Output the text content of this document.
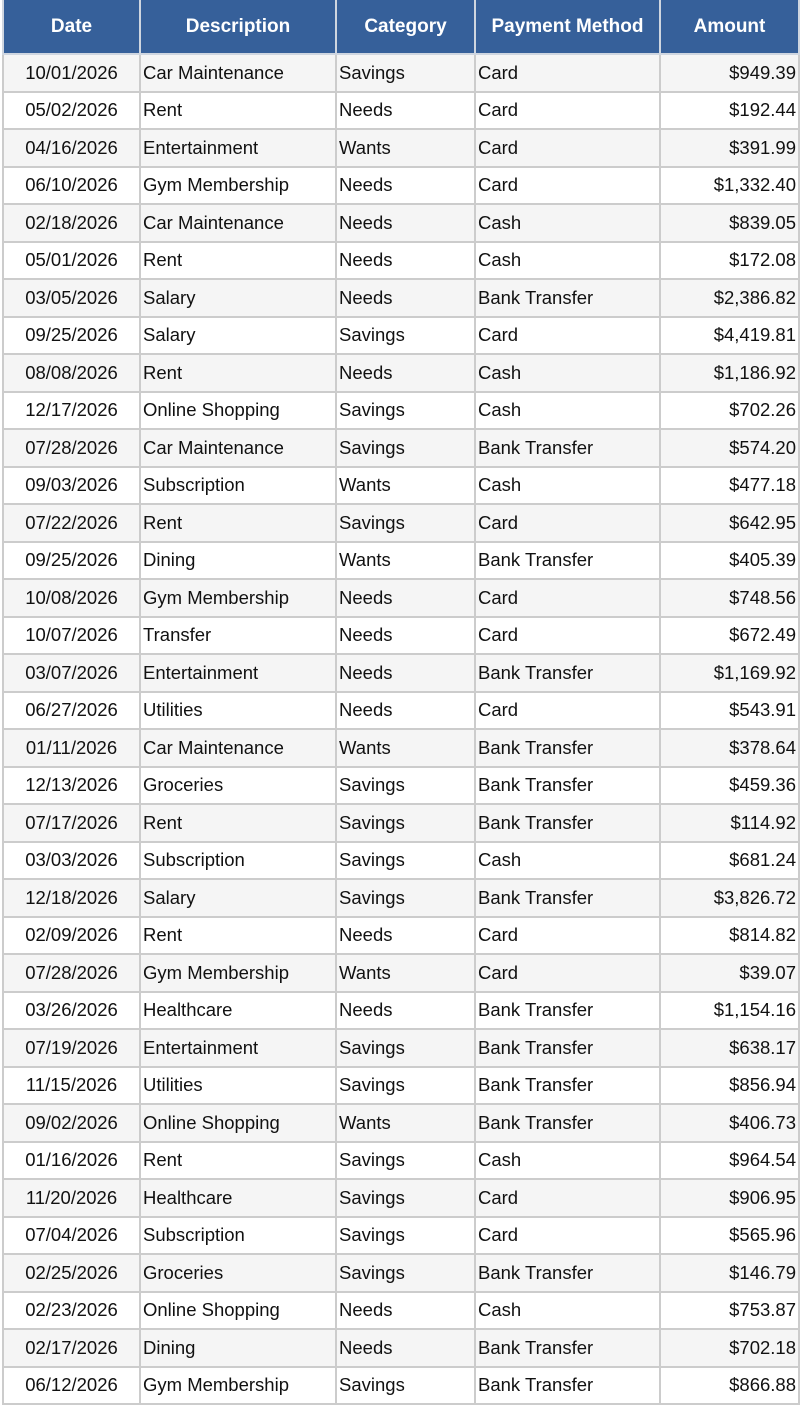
Date	Description	Category	Payment Method	Amount
10/01/2026	Car Maintenance	Savings	Card	$949.39
05/02/2026	Rent	Needs	Card	$192.44
04/16/2026	Entertainment	Wants	Card	$391.99
06/10/2026	Gym Membership	Needs	Card	$1,332.40
02/18/2026	Car Maintenance	Needs	Cash	$839.05
05/01/2026	Rent	Needs	Cash	$172.08
03/05/2026	Salary	Needs	Bank Transfer	$2,386.82
09/25/2026	Salary	Savings	Card	$4,419.81
08/08/2026	Rent	Needs	Cash	$1,186.92
12/17/2026	Online Shopping	Savings	Cash	$702.26
07/28/2026	Car Maintenance	Savings	Bank Transfer	$574.20
09/03/2026	Subscription	Wants	Cash	$477.18
07/22/2026	Rent	Savings	Card	$642.95
09/25/2026	Dining	Wants	Bank Transfer	$405.39
10/08/2026	Gym Membership	Needs	Card	$748.56
10/07/2026	Transfer	Needs	Card	$672.49
03/07/2026	Entertainment	Needs	Bank Transfer	$1,169.92
06/27/2026	Utilities	Needs	Card	$543.91
01/11/2026	Car Maintenance	Wants	Bank Transfer	$378.64
12/13/2026	Groceries	Savings	Bank Transfer	$459.36
07/17/2026	Rent	Savings	Bank Transfer	$114.92
03/03/2026	Subscription	Savings	Cash	$681.24
12/18/2026	Salary	Savings	Bank Transfer	$3,826.72
02/09/2026	Rent	Needs	Card	$814.82
07/28/2026	Gym Membership	Wants	Card	$39.07
03/26/2026	Healthcare	Needs	Bank Transfer	$1,154.16
07/19/2026	Entertainment	Savings	Bank Transfer	$638.17
11/15/2026	Utilities	Savings	Bank Transfer	$856.94
09/02/2026	Online Shopping	Wants	Bank Transfer	$406.73
01/16/2026	Rent	Savings	Cash	$964.54
11/20/2026	Healthcare	Savings	Card	$906.95
07/04/2026	Subscription	Savings	Card	$565.96
02/25/2026	Groceries	Savings	Bank Transfer	$146.79
02/23/2026	Online Shopping	Needs	Cash	$753.87
02/17/2026	Dining	Needs	Bank Transfer	$702.18
06/12/2026	Gym Membership	Savings	Bank Transfer	$866.88
